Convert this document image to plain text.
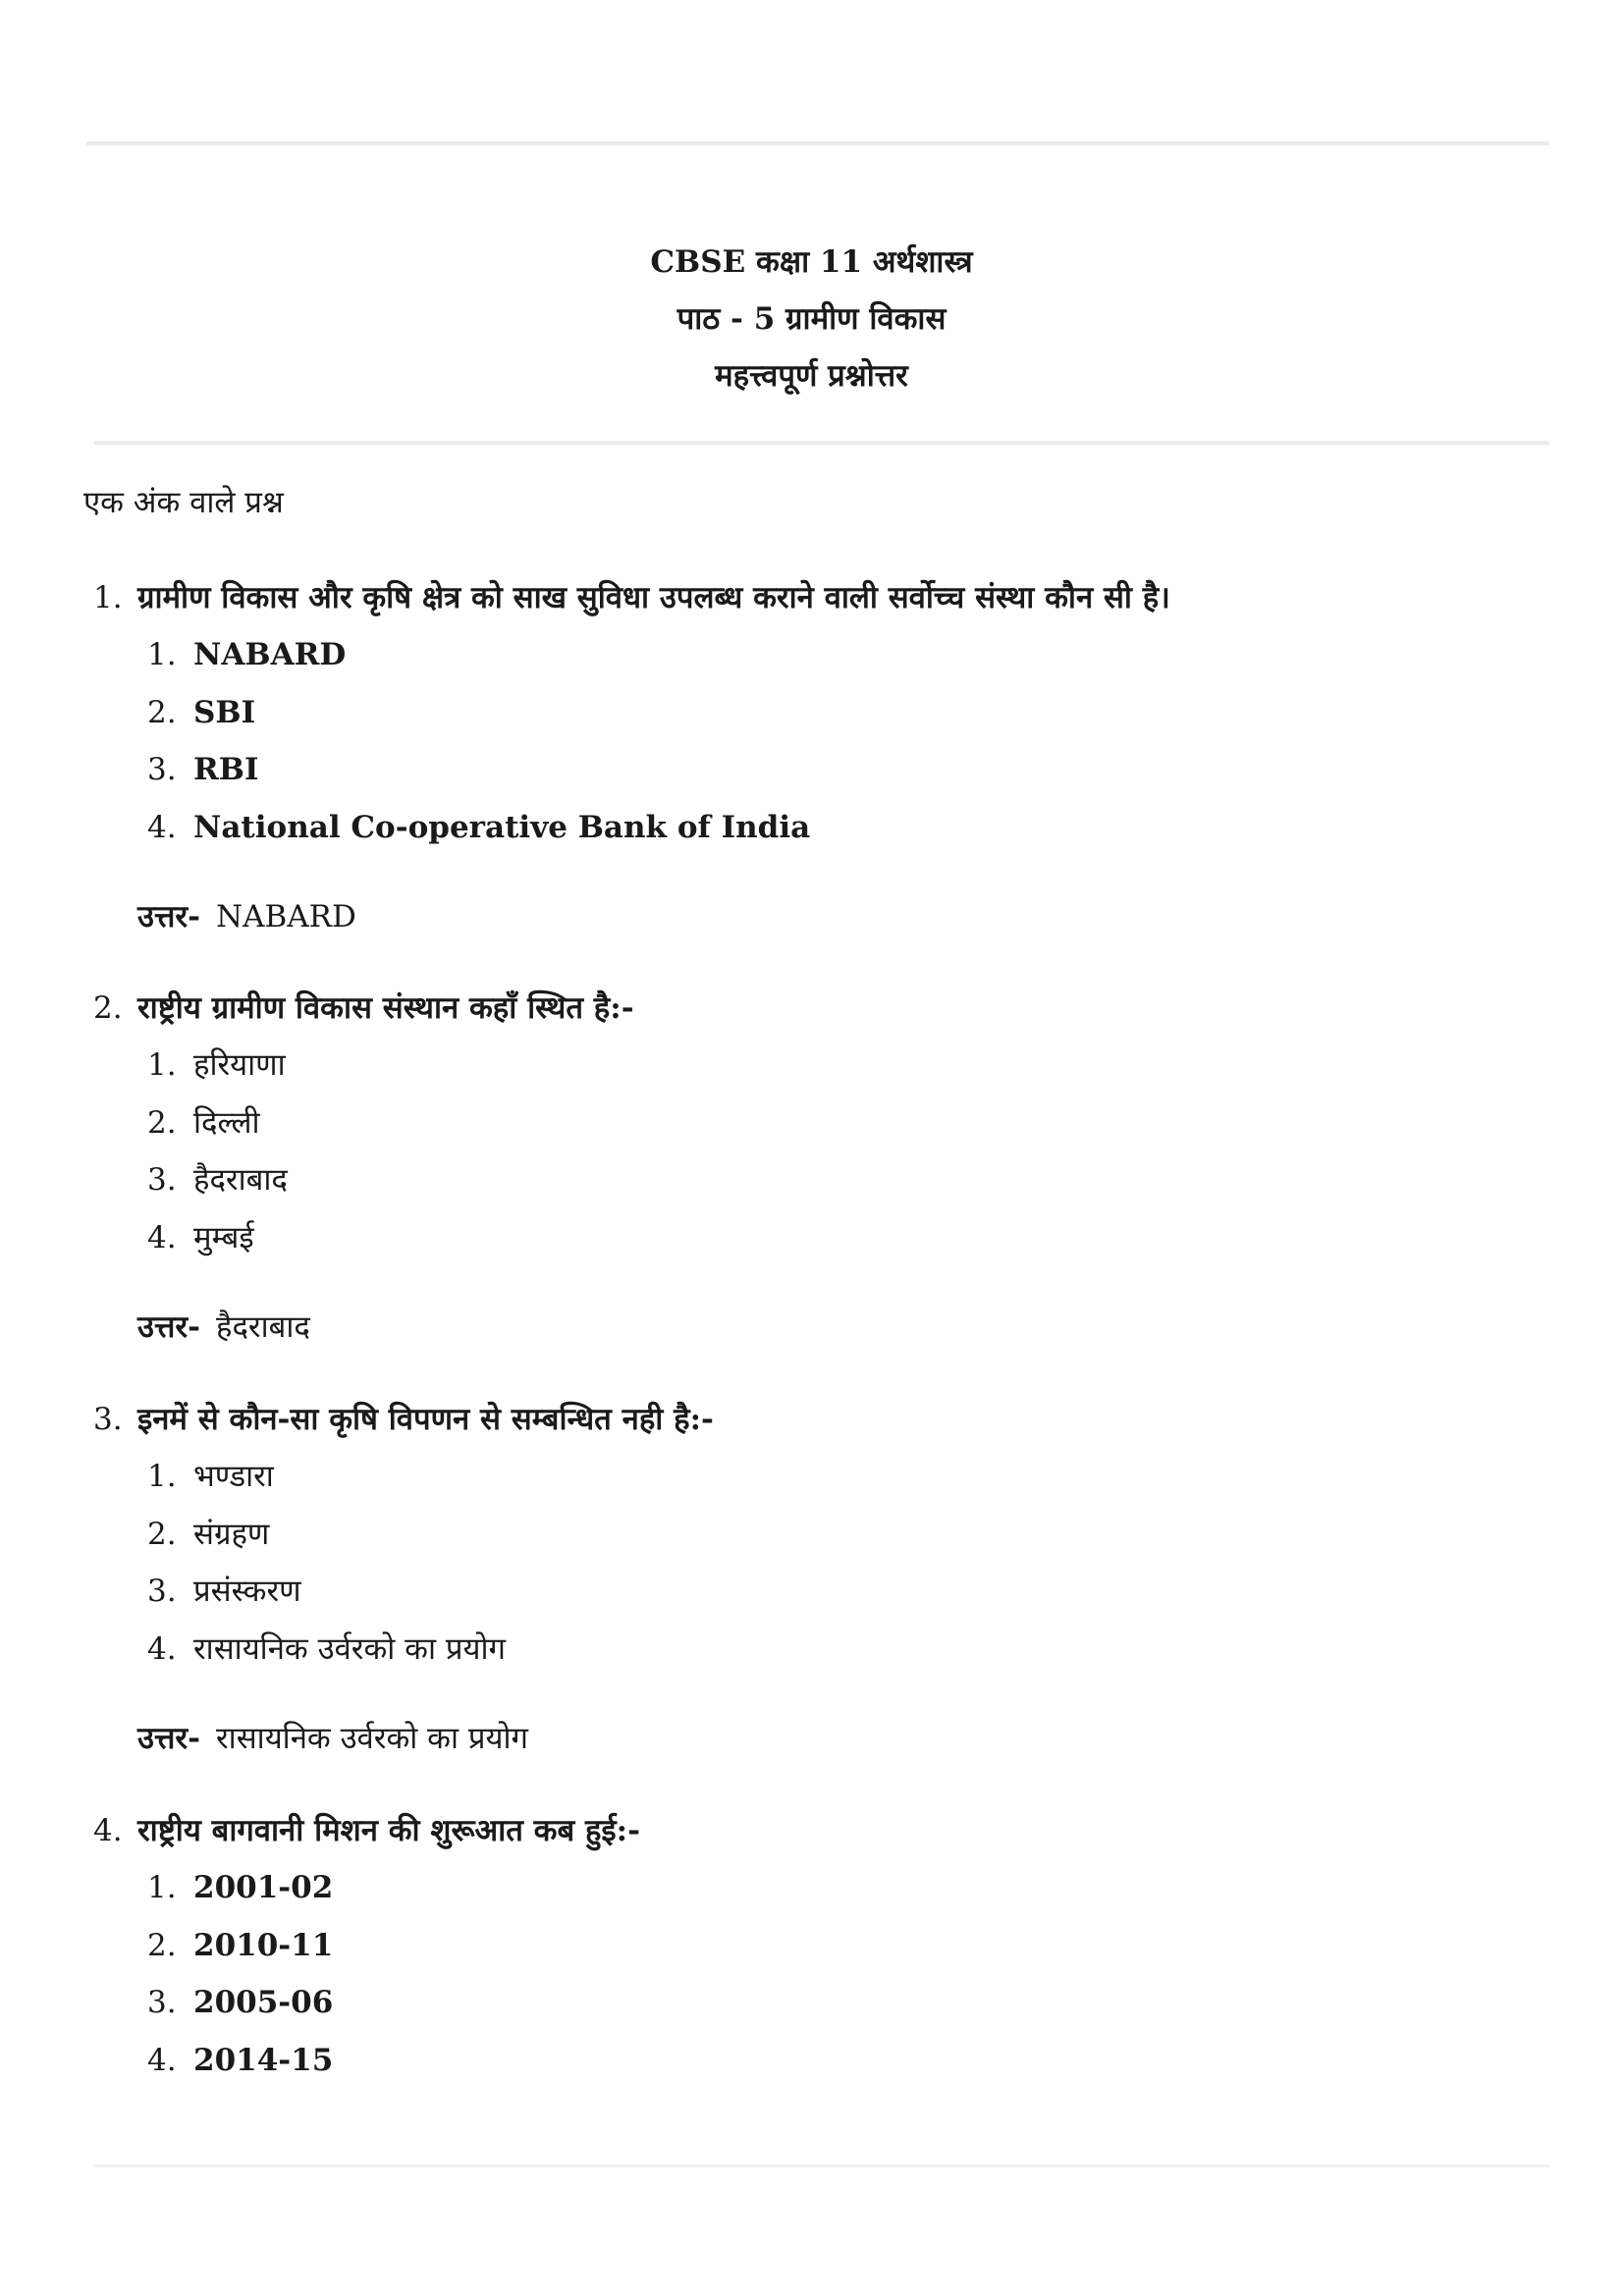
CBSE कक्षा 11 अर्थशास्त्र
पाठ - 5 ग्रामीण विकास
महत्त्वपूर्ण प्रश्नोत्तर
एक अंक वाले प्रश्न
1. ग्रामीण विकास और कृषि क्षेत्र को साख सुविधा उपलब्ध कराने वाली सर्वोच्च संस्था कौन सी है।
1. NABARD
2. SBI
3. RBI
4. National Co-operative Bank of India
उत्तर- NABARD
2. राष्ट्रीय ग्रामीण विकास संस्थान कहाँ स्थित है:-
1. हरियाणा
2. दिल्ली
3. हैदराबाद
4. मुम्बई
उत्तर- हैदराबाद
3. इनमें से कौन-सा कृषि विपणन से सम्बन्धित नही है:-
1. भण्डारा
2. संग्रहण
3. प्रसंस्करण
4. रासायनिक उर्वरको का प्रयोग
उत्तर- रासायनिक उर्वरको का प्रयोग
4. राष्ट्रीय बागवानी मिशन की शुरूआत कब हुई:-
1. 2001-02
2. 2010-11
3. 2005-06
4. 2014-15
